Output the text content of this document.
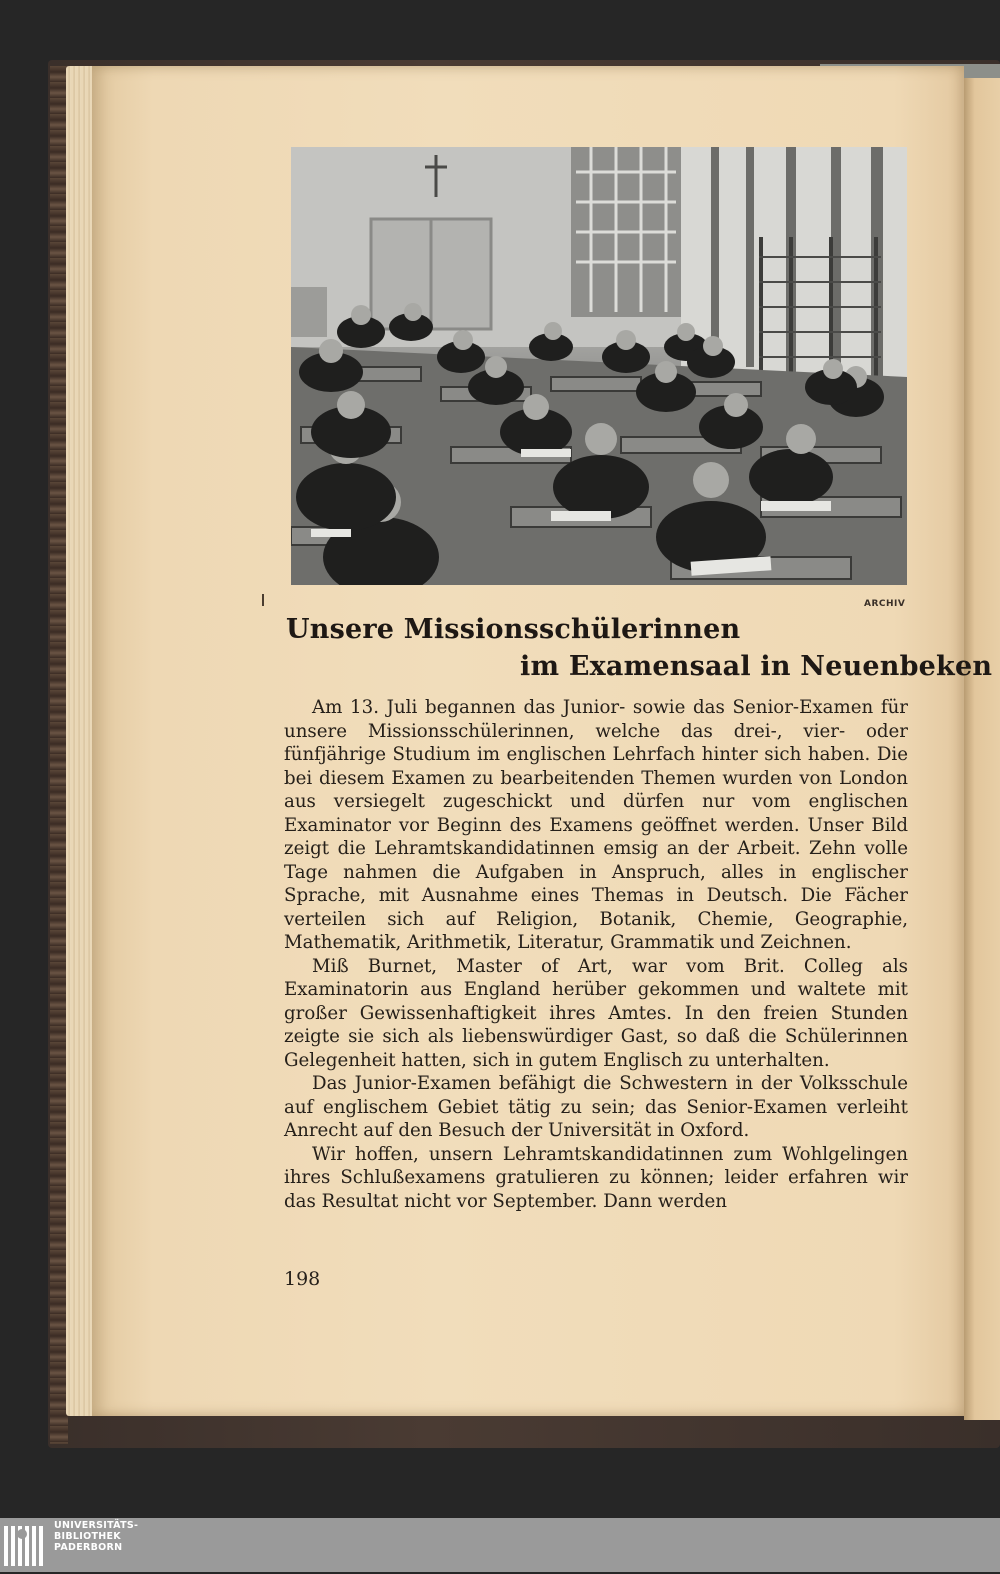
ARCHIV
Unsere Missionsschülerinnen
im Examensaal in Neuenbeken

Am 13. Juli begannen das Junior- sowie das Senior-Examen für unsere Missionsschülerinnen, welche das drei-, vier- oder fünfjährige Studium im englischen Lehrfach hinter sich haben. Die bei diesem Examen zu bearbeitenden Themen wurden von London aus versiegelt zugeschickt und dürfen nur vom englischen Examinator vor Beginn des Examens geöffnet werden. Unser Bild zeigt die Lehramtskandidatinnen emsig an der Arbeit. Zehn volle Tage nahmen die Aufgaben in Anspruch, alles in englischer Sprache, mit Ausnahme eines Themas in Deutsch. Die Fächer verteilen sich auf Religion, Botanik, Chemie, Geographie, Mathematik, Arithmetik, Literatur, Grammatik und Zeichnen.

Miß Burnet, Master of Art, war vom Brit. Colleg als Examinatorin aus England herüber gekommen und waltete mit großer Gewissenhaftigkeit ihres Amtes. In den freien Stunden zeigte sie sich als liebenswürdiger Gast, so daß die Schülerinnen Gelegenheit hatten, sich in gutem Englisch zu unterhalten.

Das Junior-Examen befähigt die Schwestern in der Volksschule auf englischem Gebiet tätig zu sein; das Senior-Examen verleiht Anrecht auf den Besuch der Universität in Oxford.

Wir hoffen, unsern Lehramtskandidatinnen zum Wohlgelingen ihres Schlußexamens gratulieren zu können; leider erfahren wir das Resultat nicht vor September. Dann werden

198
UNIVERSITÄTS-
BIBLIOTHEK
PADERBORN
